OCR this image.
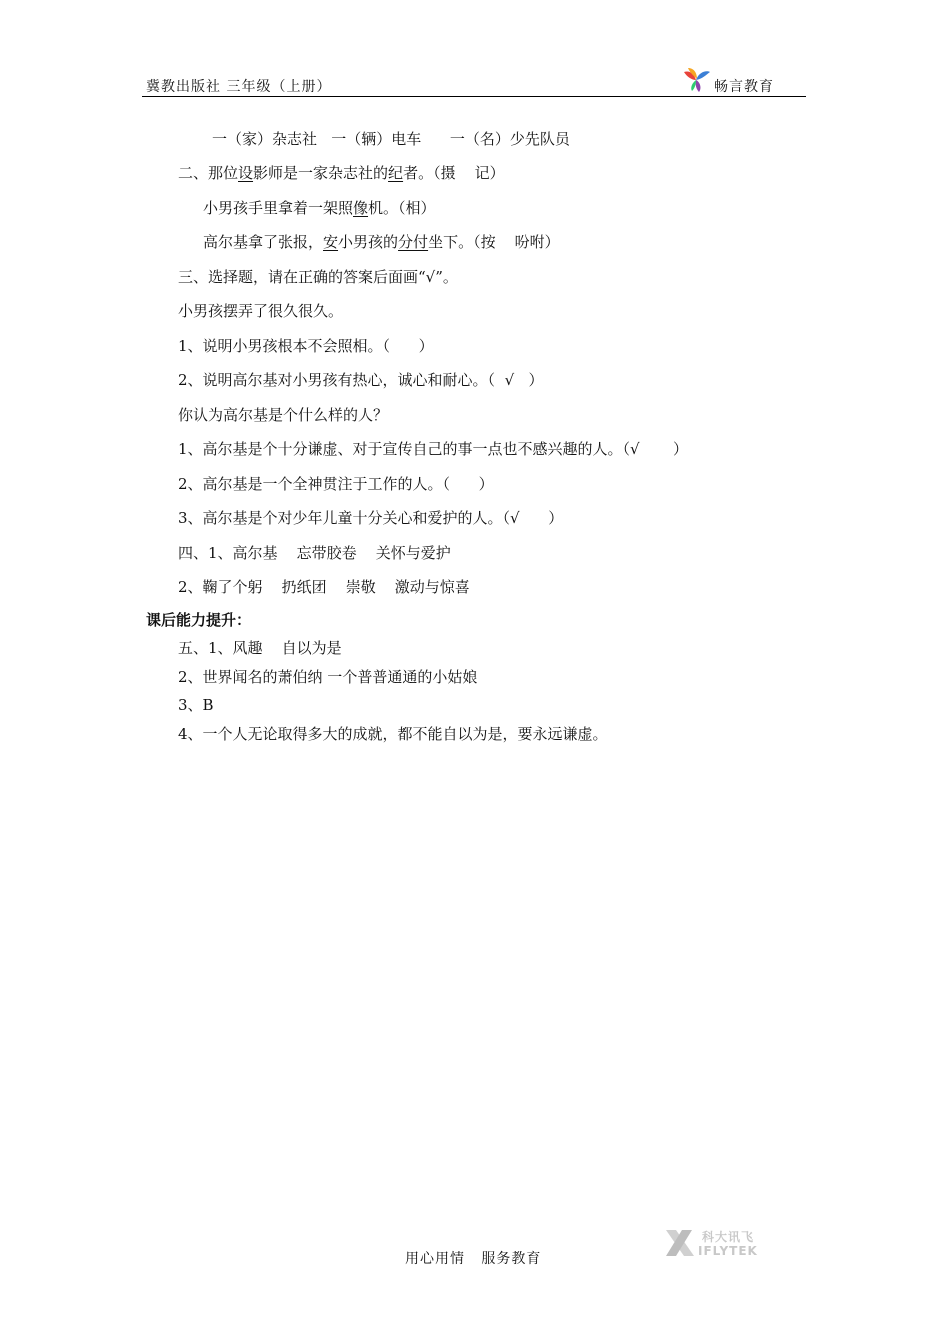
冀教出版社 三年级（上册）	畅言教育
一（家）杂志社   一（辆）电车      一（名）少先队员
二、那位设影师是一家杂志社的纪者。（摄    记）
小男孩手里拿着一架照像机。（相）
高尔基拿了张报，安小男孩的分付坐下。（按    吩咐）
三、选择题，请在正确的答案后面画“√”。
小男孩摆弄了很久很久。
1、说明小男孩根本不会照相。（      ）
2、说明高尔基对小男孩有热心，诚心和耐心。（  √   ）
你认为高尔基是个什么样的人？
1、高尔基是个十分谦虚、对于宣传自己的事一点也不感兴趣的人。（√       ）
2、高尔基是一个全神贯注于工作的人。（      ）
3、高尔基是个对少年儿童十分关心和爱护的人。（√      ）
四、1、高尔基    忘带胶卷    关怀与爱护
2、鞠了个躬    扔纸团    崇敬    激动与惊喜
课后能力提升：
五、1、风趣    自以为是
2、世界闻名的萧伯纳 一个普普通通的小姑娘
3、B
4、一个人无论取得多大的成就，都不能自以为是，要永远谦虚。
用心用情   服务教育
科大讯飞
IFLYTEK
